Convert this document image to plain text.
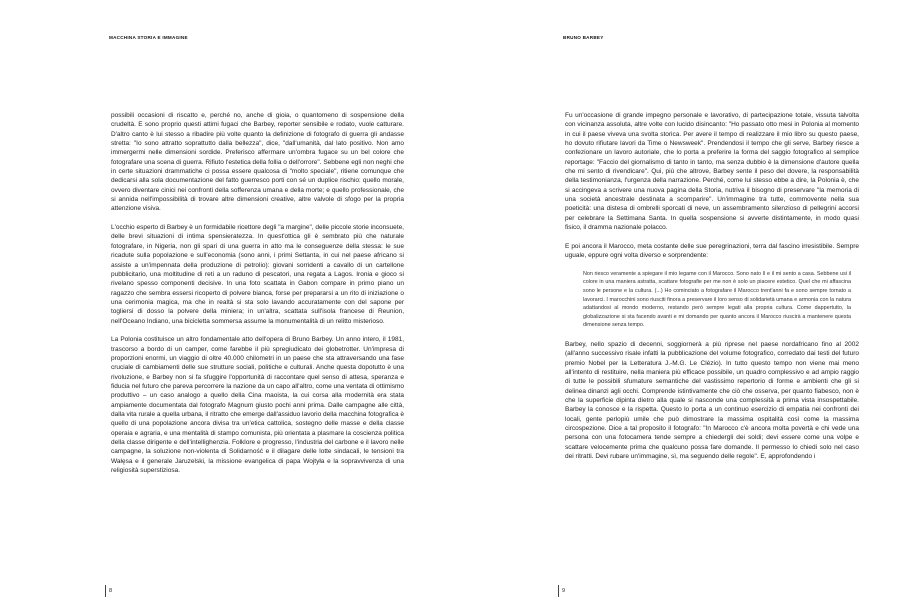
MACCHINA STORIA E IMMAGINE

possibili occasioni di riscatto e, perché no, anche di gioia, o quantomeno di sospensione della crudeltà. E sono proprio questi attimi fugaci che Barbey, reporter sensibile e rodato, vuole catturare. D'altro canto è lui stesso a ribadire più volte quanto la definizione di fotografo di guerra gli andasse stretta: "Io sono attratto soprattutto dalla bellezza", dice, "dall'umanità, dal lato positivo. Non amo immergermi nelle dimensioni sordide. Preferisco affermare un'ombra fugace su un bel colore che fotografare una scena di guerra. Rifiuto l'estetica della follia o dell'orrore". Sebbene egli non neghi che in certe situazioni drammatiche ci possa essere qualcosa di "molto speciale", ritiene comunque che dedicarsi alla sola documentazione del fatto guerresco porti con sé un duplice rischio: quello morale, ovvero diventare cinici nei confronti della sofferenza umana e della morte; e quello professionale, che si annida nell'impossibilità di trovare altre dimensioni creative, altre valvole di sfogo per la propria attenzione visiva.

L'occhio esperto di Barbey è un formidabile ricettore degli "a margine", delle piccole storie inconsuete, delle brevi situazioni di intima spensieratezza. In quest'ottica gli è sembrato più che naturale fotografare, in Nigeria, non gli spari di una guerra in atto ma le conseguenze della stessa: le sue ricadute sulla popolazione e sull'economia (sono anni, i primi Settanta, in cui nel paese africano si assiste a un'impennata della produzione di petrolio): giovani sorridenti a cavallo di un cartellone pubblicitario, una moltitudine di reti a un raduno di pescatori, una regata a Lagos. Ironia e gioco si rivelano spesso componenti decisive. In una foto scattata in Gabon compare in primo piano un ragazzo che sembra essersi ricoperto di polvere bianca, forse per prepararsi a un rito di iniziazione o una cerimonia magica, ma che in realtà si sta solo lavando accuratamente con del sapone per togliersi di dosso la polvere della miniera; in un'altra, scattata sull'isola francese di Reunion, nell'Oceano Indiano, una bicicletta sommersa assume la monumentalità di un relitto misterioso.

La Polonia costituisce un altro fondamentale atto dell'opera di Bruno Barbey. Un anno intero, il 1981, trascorso a bordo di un camper, come farebbe il più spregiudicato dei globetrotter. Un'impresa di proporzioni enormi, un viaggio di oltre 40.000 chilometri in un paese che sta attraversando una fase cruciale di cambiamenti delle sue strutture sociali, politiche e culturali. Anche questa dopotutto è una rivoluzione, e Barbey non si fa sfuggire l'opportunità di raccontare quel senso di attesa, speranza e fiducia nel futuro che pareva percorrere la nazione da un capo all'altro, come una ventata di ottimismo produttivo – un caso analogo a quello della Cina maoista, la cui corsa alla modernità era stata ampiamente documentata dal fotografo Magnum giusto pochi anni prima. Dalle campagne alle città, dalla vita rurale a quella urbana, il ritratto che emerge dall'assiduo lavorio della macchina fotografica è quello di una popolazione ancora divisa tra un'etica cattolica, sostegno delle masse e della classe operaia e agraria, e una mentalità di stampo comunista, più orientata a plasmare la coscienza politica della classe dirigente e dell'intellighenzia. Folklore e progresso, l'industria del carbone e il lavoro nelle campagne, la soluzione non-violenta di Solidarność e il dilagare delle lotte sindacali, le tensioni tra Wałęsa e il generale Jaruzelski, la missione evangelica di papa Wojtyła e la sopravvivenza di una religiosità superstiziosa.

8
BRUNO BARBEY

Fu un'occasione di grande impegno personale e lavorativo, di partecipazione totale, vissuta talvolta con vicinanza assoluta, altre volte con lucido disincanto: "Ho passato otto mesi in Polonia al momento in cui il paese viveva una svolta storica. Per avere il tempo di realizzare il mio libro su questo paese, ho dovuto rifiutare lavori da Time o Newsweek". Prendendosi il tempo che gli serve, Barbey riesce a confezionare un lavoro autoriale, che lo porta a preferire la forma del saggio fotografico al semplice reportage: "Faccio del giornalismo di tanto in tanto, ma senza dubbio è la dimensione d'autore quella che mi sento di rivendicare". Qui, più che altrove, Barbey sente il peso del dovere, la responsabilità della testimonianza, l'urgenza della narrazione. Perché, come lui stesso ebbe a dire, la Polonia è, che si accingeva a scrivere una nuova pagina della Storia, nutriva il bisogno di preservare "la memoria di una società ancestrale destinata a scomparire". Un'immagine tra tutte, commovente nella sua poeticità: una distesa di ombrelli sporcati di neve, un assembramento silenzioso di pellegrini accorsi per celebrare la Settimana Santa. In quella sospensione si avverte distintamente, in modo quasi fisico, il dramma nazionale polacco.

E poi ancora il Marocco, meta costante delle sue peregrinazioni, terra dal fascino irresistibile. Sempre uguale, eppure ogni volta diverso e sorprendente:

Non riesco veramente a spiegare il mio legame con il Marocco. Sono nato lì e il mi sento a casa. Sebbene usi il colore in una maniera astratta, scattare fotografie per me non è solo un piacere estetico. Quel che mi affascina sono le persone e la cultura. (...) Ho cominciato a fotografare il Marocco trent'anni fa e sono sempre tornato a lavorarci. I marocchini sono riusciti finora a preservare il loro senso di solidarietà umana e armonia con la natura adattandosi al mondo moderno, restando però sempre legati alla propria cultura. Come dappertutto, la globalizzazione si sta facendo avanti e mi domando per quanto ancora il Marocco riuscirà a mantenere questa dimensione senza tempo.

Barbey, nello spazio di decenni, soggiornerà a più riprese nel paese nordafricano fino al 2002 (all'anno successivo risale infatti la pubblicazione del volume fotografico, corredato dai testi del futuro premio Nobel per la Letteratura J.-M.G. Le Clézio). In tutto questo tempo non viene mai meno all'intento di restituire, nella maniera più efficace possibile, un quadro complessivo e ad ampio raggio di tutte le possibili sfumature semantiche del vastissimo repertorio di forme e ambienti che gli si delinea dinanzi agli occhi. Comprende istintivamente che ciò che osserva, per quanto fiabesco, non è che la superficie dipinta dietro alla quale si nasconde una complessità a prima vista insospettabile. Barbey la conosce e la rispetta. Questo lo porta a un continuo esercizio di empatia nei confronti dei locali, gente perlopiù umile che può dimostrare la massima ospitalità così come la massima circospezione. Dice a tal proposito il fotografo: "In Marocco c'è ancora molta povertà e chi vede una persona con una fotocamera tende sempre a chiedergli dei soldi; devi essere come una volpe e scattare velocemente prima che qualcuno possa fare domande. Il permesso lo chiedi solo nel caso dei ritratti. Devi rubare un'immagine, sì, ma seguendo delle regole". E, approfondendo i

9
